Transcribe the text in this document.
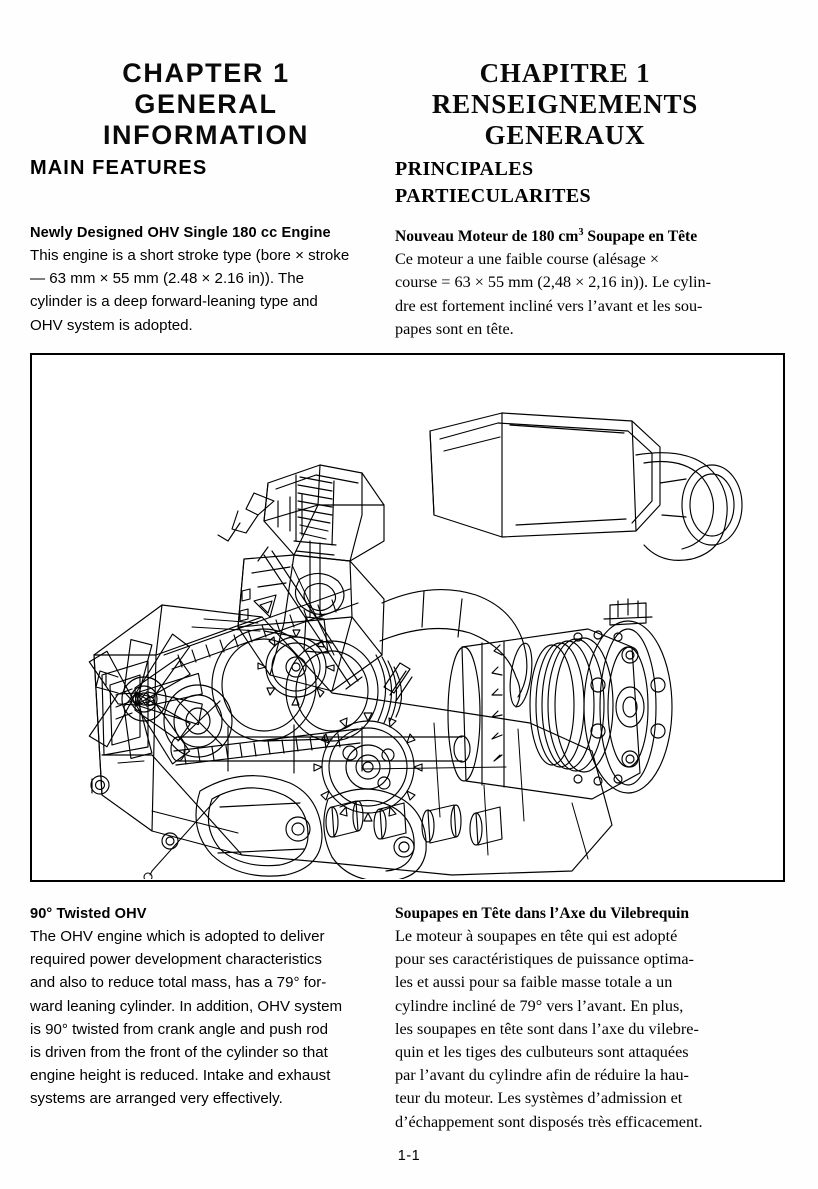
CHAPTER 1
GENERAL
INFORMATION
MAIN FEATURES
Newly Designed OHV Single 180 cc Engine
This engine is a short stroke type (bore × stroke
— 63 mm × 55 mm (2.48 × 2.16 in)). The
cylinder is a deep forward-leaning type and
OHV system is adopted.
90° Twisted OHV
The OHV engine which is adopted to deliver
required power development characteristics
and also to reduce total mass, has a 79° for-
ward leaning cylinder. In addition, OHV system
is 90° twisted from crank angle and push rod
is driven from the front of the cylinder so that
engine height is reduced. Intake and exhaust
systems are arranged very effectively.
CHAPITRE 1
RENSEIGNEMENTS
GENERAUX
PRINCIPALES
PARTIECULARITES
Nouveau Moteur de 180 $cm^3$ Soupape en Tête
Ce moteur a une faible course (alésage ×
course = 63 × 55 mm (2,48 × 2,16 in)). Le cylin-
dre est fortement incliné vers l’avant et les sou-
papes sont en tête.
Soupapes en Tête dans l’Axe du Vilebrequin
Le moteur à soupapes en tête qui est adopté
pour ses caractéristiques de puissance optima-
les et aussi pour sa faible masse totale a un
cylindre incliné de 79° vers l’avant. En plus,
les soupapes en tête sont dans l’axe du vilebre-
quin et les tiges des culbuteurs sont attaquées
par l’avant du cylindre afin de réduire la hau-
teur du moteur. Les systèmes d’admission et
d’échappement sont disposés très efficacement.
1-1
